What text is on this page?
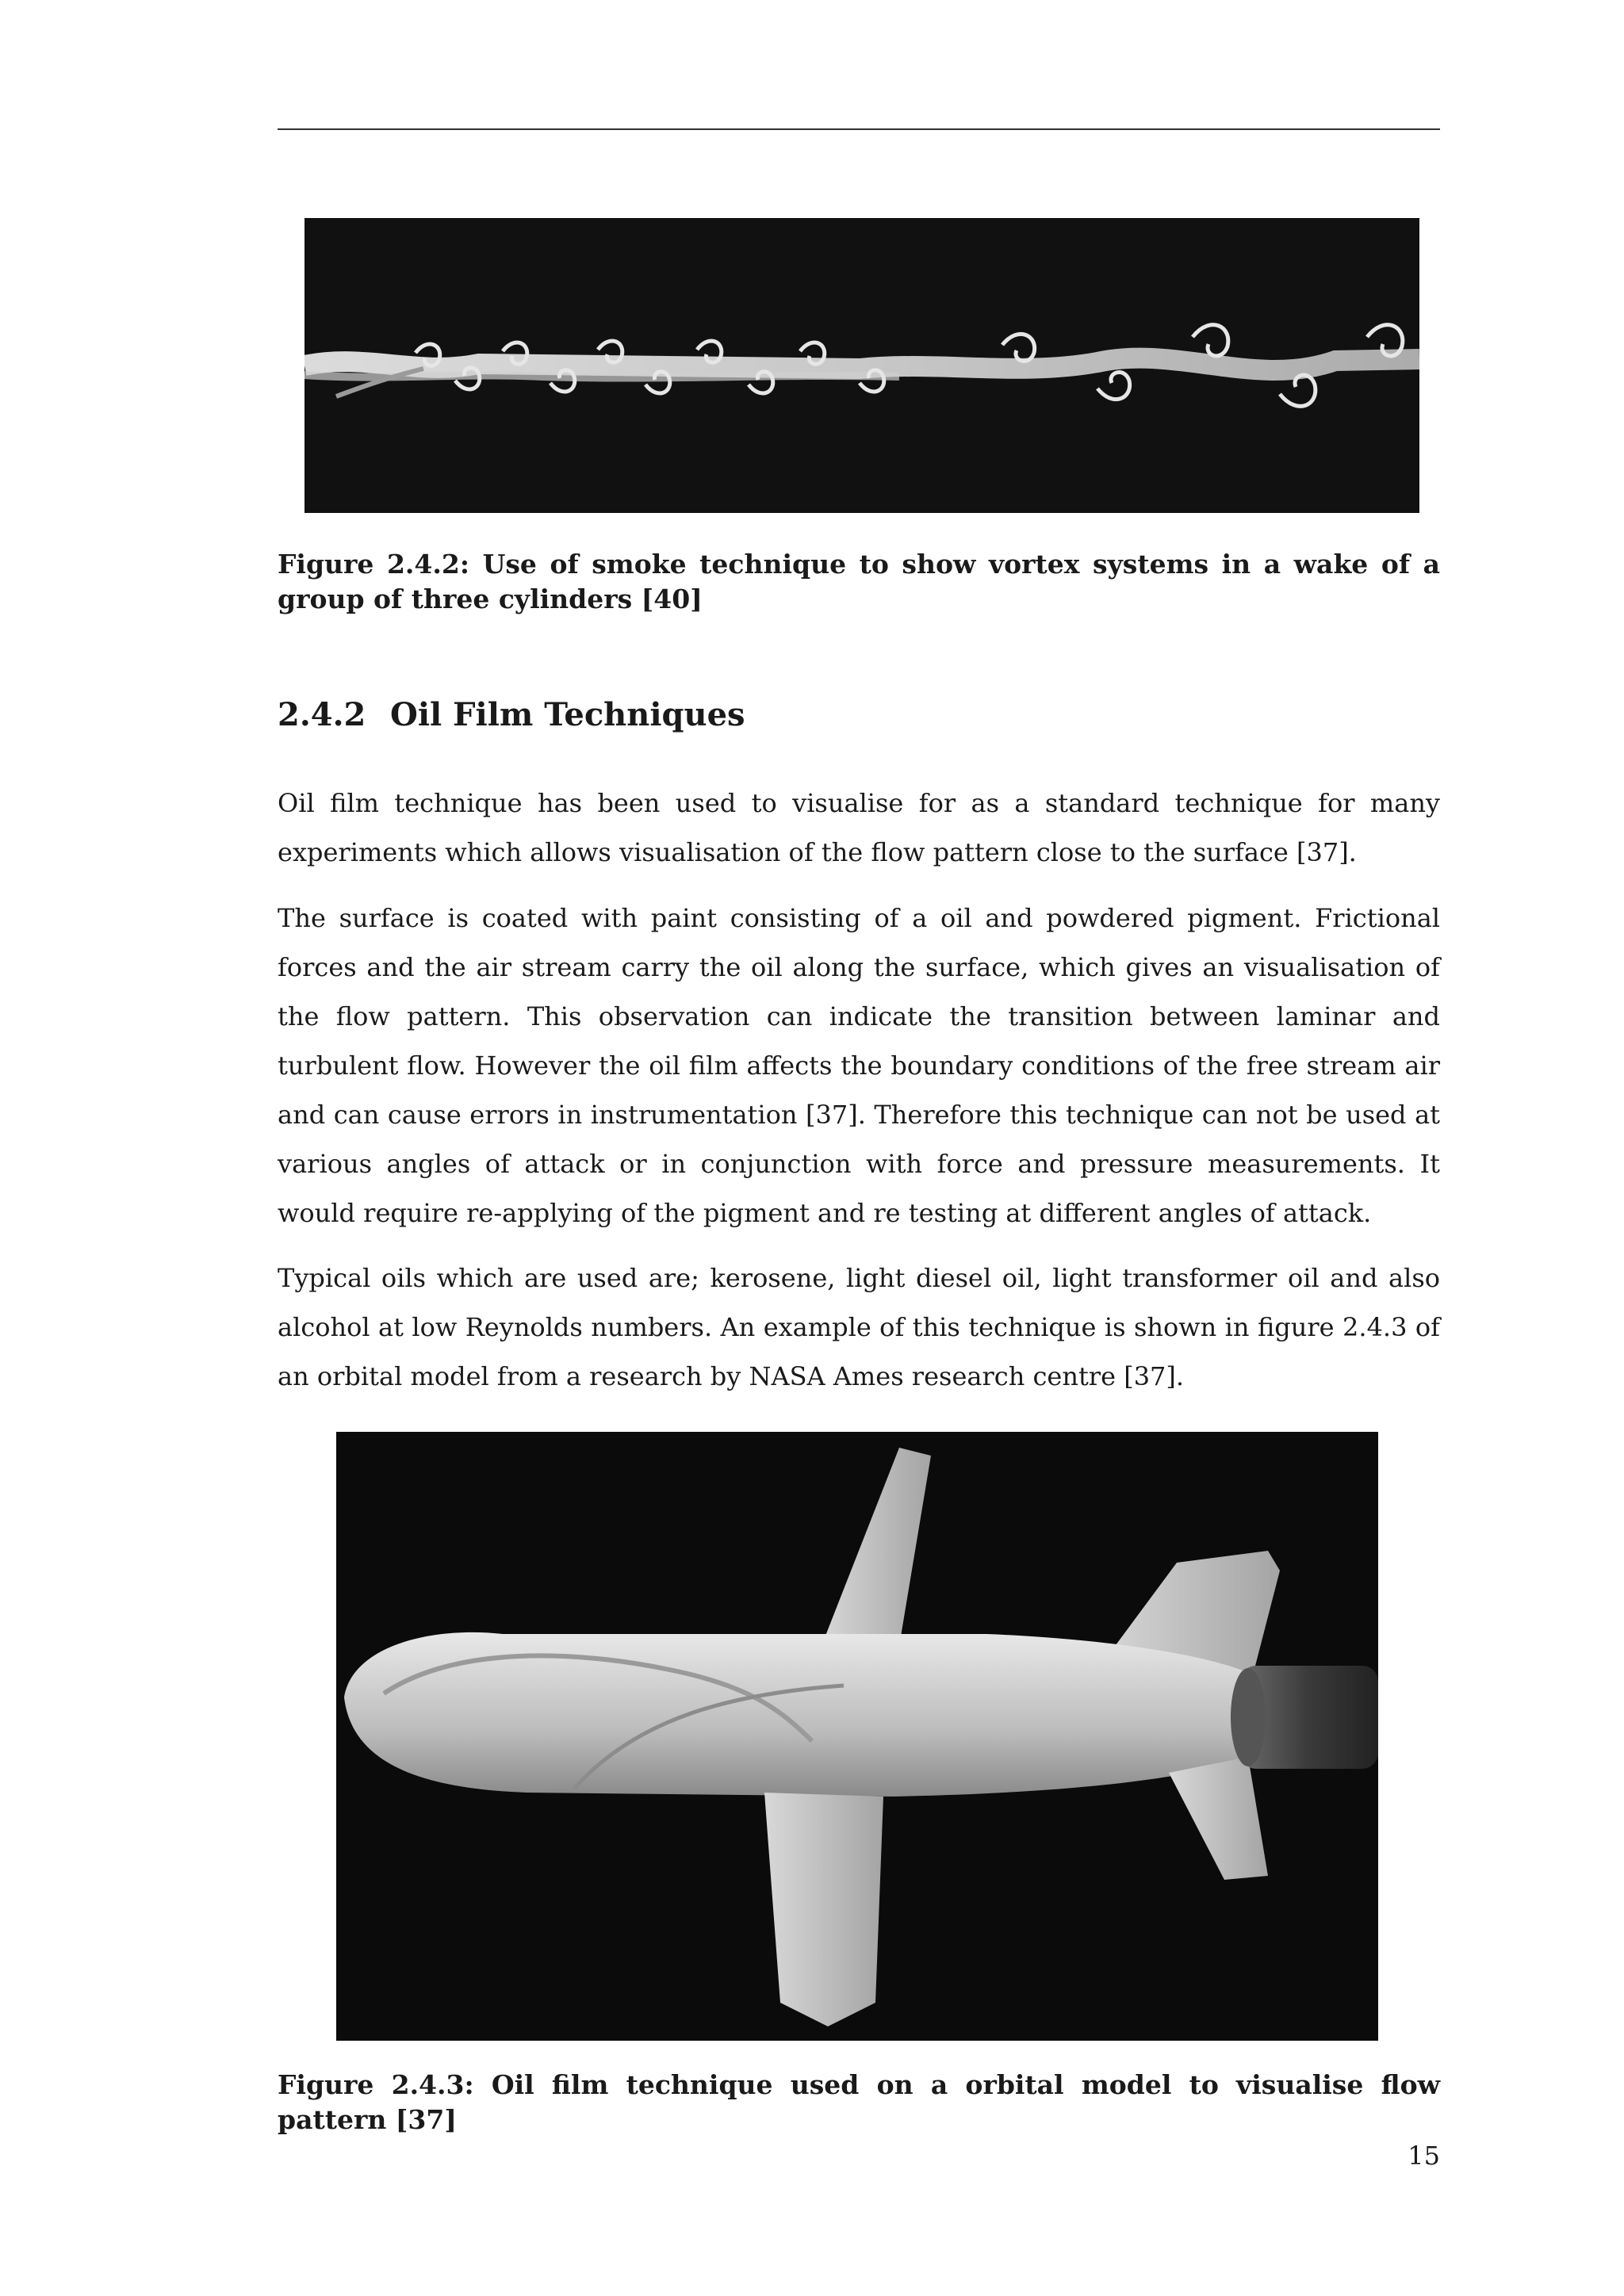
Figure 2.4.2: Use of smoke technique to show vortex systems in a wake of a group of three cylinders [40]
2.4.2 Oil Film Techniques

Oil film technique has been used to visualise for as a standard technique for many experiments which allows visualisation of the flow pattern close to the surface [37].

The surface is coated with paint consisting of a oil and powdered pigment. Frictional forces and the air stream carry the oil along the surface, which gives an visualisation of the flow pattern. This observation can indicate the transition between laminar and turbulent flow. However the oil film affects the boundary conditions of the free stream air and can cause errors in instrumentation [37]. Therefore this technique can not be used at various angles of attack or in conjunction with force and pressure measurements. It would require re-applying of the pigment and re testing at different angles of attack.

Typical oils which are used are; kerosene, light diesel oil, light transformer oil and also alcohol at low Reynolds numbers. An example of this technique is shown in figure 2.4.3 of an orbital model from a research by NASA Ames research centre [37].

Figure 2.4.3: Oil film technique used on a orbital model to visualise flow pattern [37]
15
